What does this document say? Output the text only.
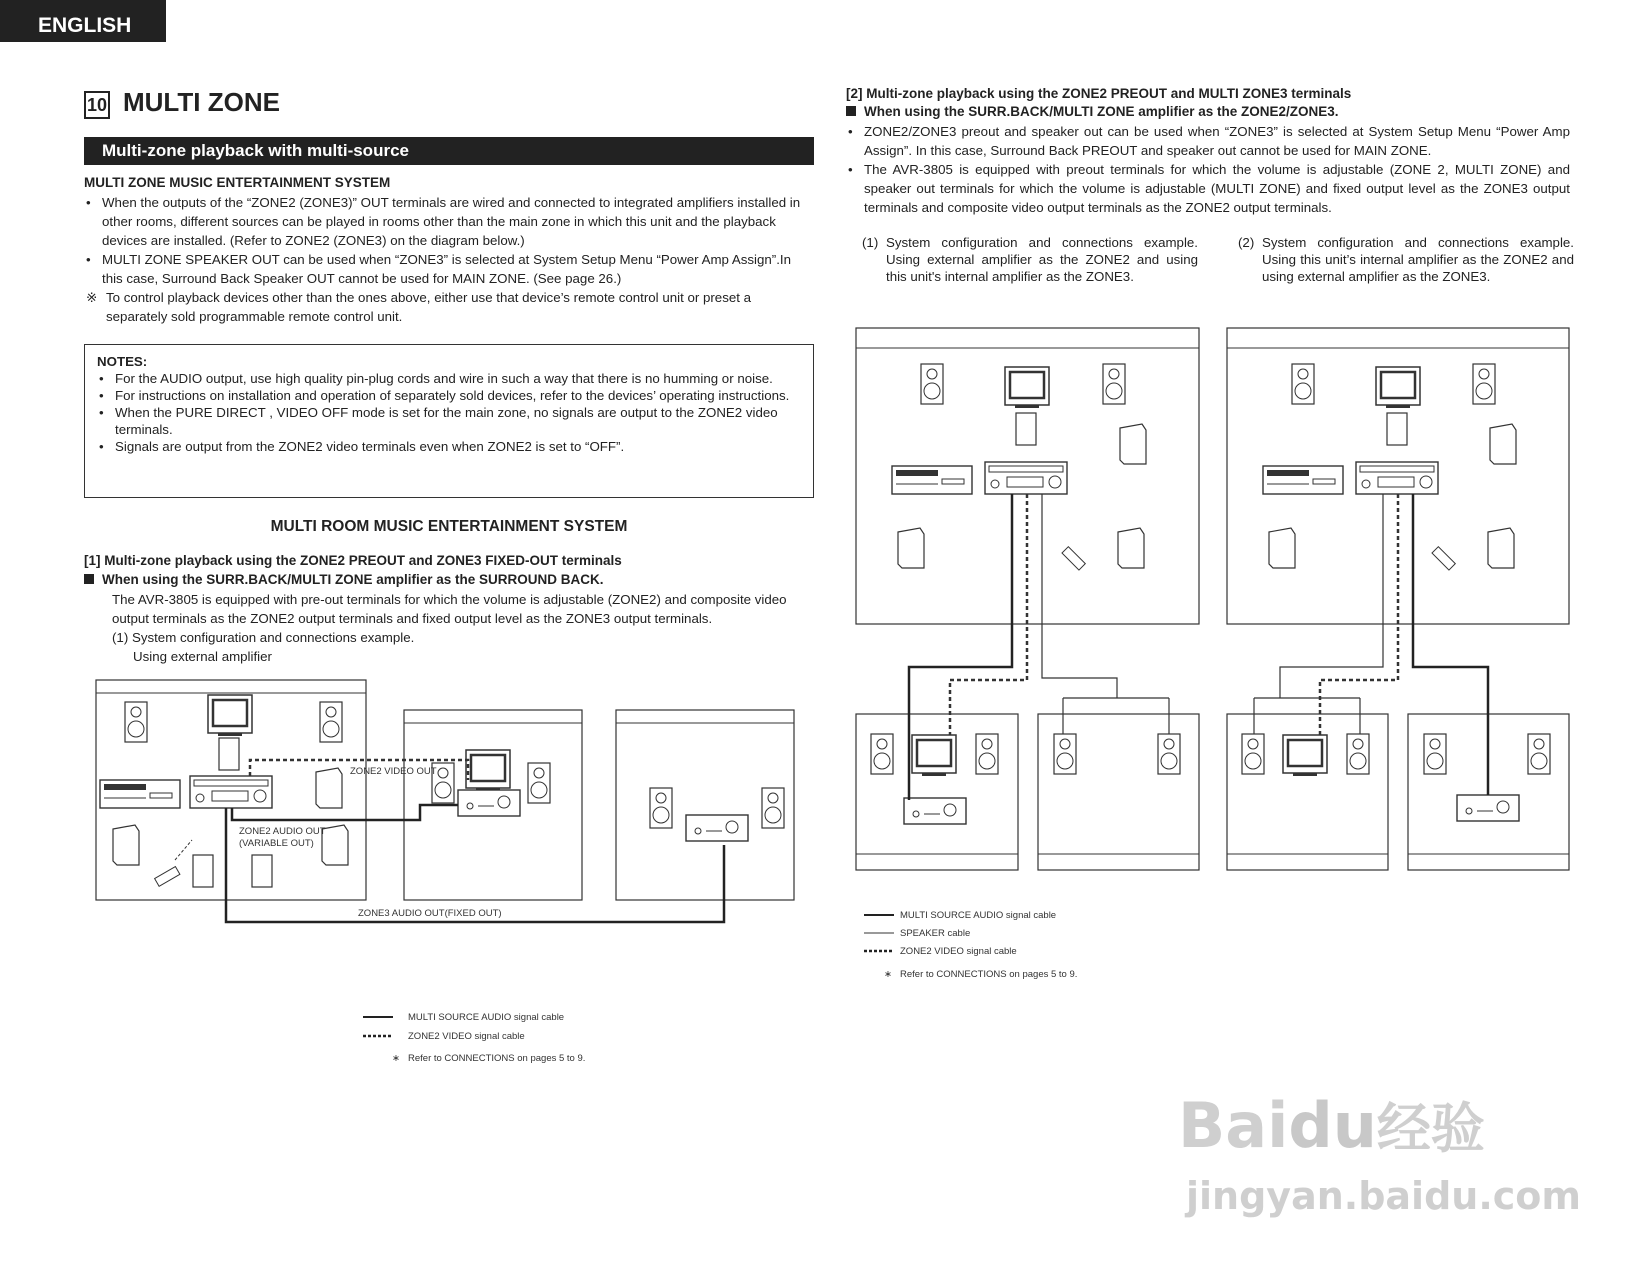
ENGLISH
10 MULTI ZONE
Multi-zone playback with multi-source
MULTI ZONE MUSIC ENTERTAINMENT SYSTEM
• When the outputs of the “ZONE2 (ZONE3)” OUT terminals are wired and connected to integrated amplifiers installed in other rooms, different sources can be played in rooms other than the main zone in which this unit and the playback devices are installed. (Refer to ZONE2 (ZONE3) on the diagram below.)
• MULTI ZONE SPEAKER OUT can be used when “ZONE3” is selected at System Setup Menu “Power Amp Assign”.In this case, Surround Back Speaker OUT cannot be used for MAIN ZONE. (See page 26.)
※ To control playback devices other than the ones above, either use that device’s remote control unit or preset a separately sold programmable remote control unit.
NOTES:
• For the AUDIO output, use high quality pin-plug cords and wire in such a way that there is no humming or noise.
• For instructions on installation and operation of separately sold devices, refer to the devices’ operating instructions.
• When the PURE DIRECT , VIDEO OFF mode is set for the main zone, no signals are output to the ZONE2 video terminals.
• Signals are output from the ZONE2 video terminals even when ZONE2 is set to “OFF”.
MULTI ROOM MUSIC ENTERTAINMENT SYSTEM
[1] Multi-zone playback using the ZONE2 PREOUT and ZONE3 FIXED-OUT terminals
When using the SURR.BACK/MULTI ZONE amplifier as the SURROUND BACK.
The AVR-3805 is equipped with pre-out terminals for which the volume is adjustable (ZONE2) and composite video output terminals as the ZONE2 output terminals and fixed output level as the ZONE3 output terminals.
(1) System configuration and connections example.
Using external amplifier
ZONE2 VIDEO OUT
ZONE2 AUDIO OUT
(VARIABLE OUT)
ZONE3 AUDIO OUT(FIXED OUT)
MULTI SOURCE AUDIO signal cable
ZONE2 VIDEO signal cable
∗ Refer to CONNECTIONS on pages 5 to 9.
[2] Multi-zone playback using the ZONE2 PREOUT and MULTI ZONE3 terminals
When using the SURR.BACK/MULTI ZONE amplifier as the ZONE2/ZONE3.
• ZONE2/ZONE3 preout and speaker out can be used when “ZONE3” is selected at System Setup Menu “Power Amp Assign”. In this case, Surround Back PREOUT and speaker out cannot be used for MAIN ZONE.
• The AVR-3805 is equipped with preout terminals for which the volume is adjustable (ZONE 2, MULTI ZONE) and speaker out terminals for which the volume is adjustable (MULTI ZONE) and fixed output level as the ZONE3 output terminals and composite video output terminals as the ZONE2 output terminals.
(1) System configuration and connections example. Using external amplifier as the ZONE2 and using this unit's internal amplifier as the ZONE3.
(2) System configuration and connections example. Using this unit’s internal amplifier as the ZONE2 and using external amplifier as the ZONE3.
MULTI SOURCE AUDIO signal cable
SPEAKER cable
ZONE2 VIDEO signal cable
∗ Refer to CONNECTIONS on pages 5 to 9.
Baidu经验
jingyan.baidu.com
